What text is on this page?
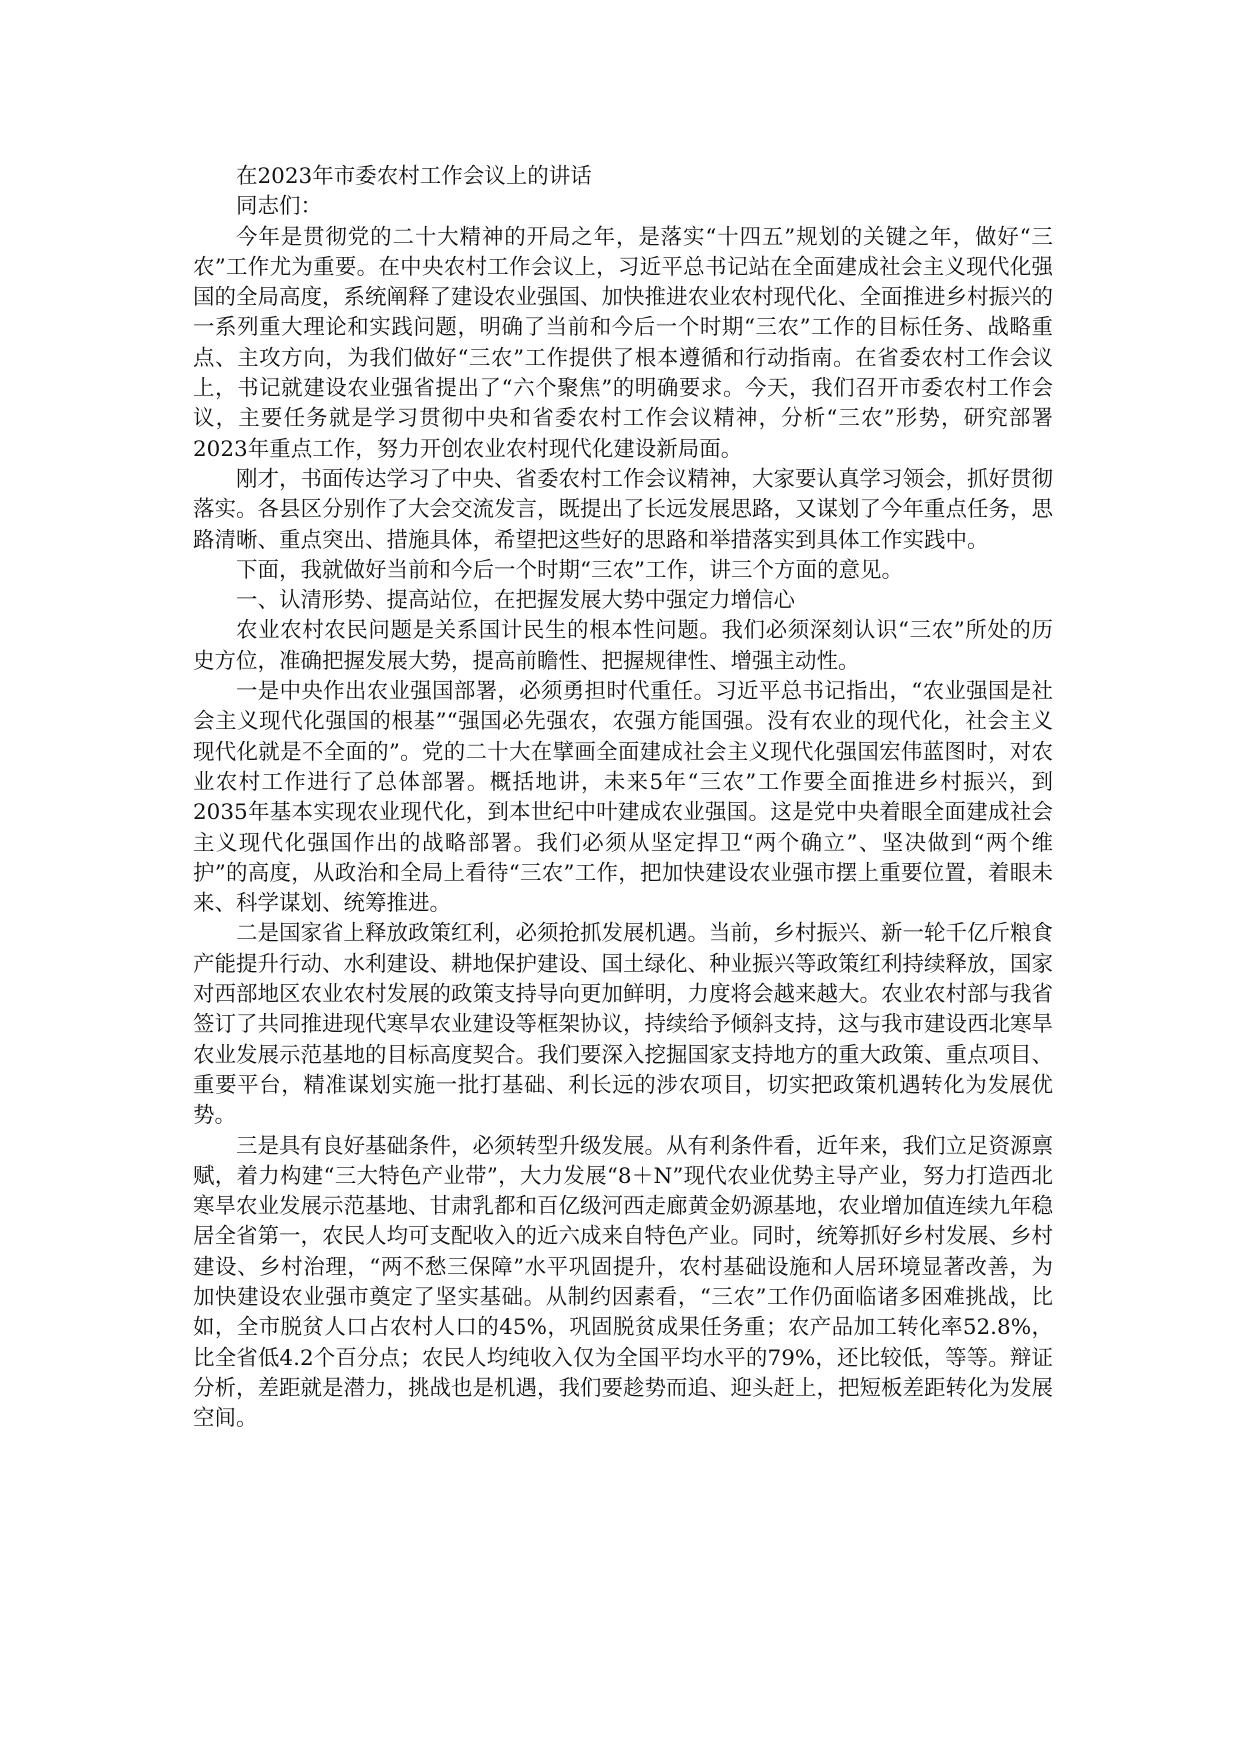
在2023年市委农村工作会议上的讲话

同志们：

今年是贯彻党的二十大精神的开局之年，是落实“十四五”规划的关键之年，做好“三农”工作尤为重要。在中央农村工作会议上，习近平总书记站在全面建成社会主义现代化强国的全局高度，系统阐释了建设农业强国、加快推进农业农村现代化、全面推进乡村振兴的一系列重大理论和实践问题，明确了当前和今后一个时期“三农”工作的目标任务、战略重点、主攻方向，为我们做好“三农”工作提供了根本遵循和行动指南。在省委农村工作会议上，书记就建设农业强省提出了“六个聚焦”的明确要求。今天，我们召开市委农村工作会议，主要任务就是学习贯彻中央和省委农村工作会议精神，分析“三农”形势，研究部署2023年重点工作，努力开创农业农村现代化建设新局面。

刚才，书面传达学习了中央、省委农村工作会议精神，大家要认真学习领会，抓好贯彻落实。各县区分别作了大会交流发言，既提出了长远发展思路，又谋划了今年重点任务，思路清晰、重点突出、措施具体，希望把这些好的思路和举措落实到具体工作实践中。

下面，我就做好当前和今后一个时期“三农”工作，讲三个方面的意见。

一、认清形势、提高站位，在把握发展大势中强定力增信心

农业农村农民问题是关系国计民生的根本性问题。我们必须深刻认识“三农”所处的历史方位，准确把握发展大势，提高前瞻性、把握规律性、增强主动性。

一是中央作出农业强国部署，必须勇担时代重任。习近平总书记指出，“农业强国是社会主义现代化强国的根基”“强国必先强农，农强方能国强。没有农业的现代化，社会主义现代化就是不全面的”。党的二十大在擘画全面建成社会主义现代化强国宏伟蓝图时，对农业农村工作进行了总体部署。概括地讲，未来5年“三农”工作要全面推进乡村振兴，到2035年基本实现农业现代化，到本世纪中叶建成农业强国。这是党中央着眼全面建成社会主义现代化强国作出的战略部署。我们必须从坚定捍卫“两个确立”、坚决做到“两个维护”的高度，从政治和全局上看待“三农”工作，把加快建设农业强市摆上重要位置，着眼未来、科学谋划、统筹推进。

二是国家省上释放政策红利，必须抢抓发展机遇。当前，乡村振兴、新一轮千亿斤粮食产能提升行动、水利建设、耕地保护建设、国土绿化、种业振兴等政策红利持续释放，国家对西部地区农业农村发展的政策支持导向更加鲜明，力度将会越来越大。农业农村部与我省签订了共同推进现代寒旱农业建设等框架协议，持续给予倾斜支持，这与我市建设西北寒旱农业发展示范基地的目标高度契合。我们要深入挖掘国家支持地方的重大政策、重点项目、重要平台，精准谋划实施一批打基础、利长远的涉农项目，切实把政策机遇转化为发展优势。

三是具有良好基础条件，必须转型升级发展。从有利条件看，近年来，我们立足资源禀赋，着力构建“三大特色产业带”，大力发展“8＋N”现代农业优势主导产业，努力打造西北寒旱农业发展示范基地、甘肃乳都和百亿级河西走廊黄金奶源基地，农业增加值连续九年稳居全省第一，农民人均可支配收入的近六成来自特色产业。同时，统筹抓好乡村发展、乡村建设、乡村治理，“两不愁三保障”水平巩固提升，农村基础设施和人居环境显著改善，为加快建设农业强市奠定了坚实基础。从制约因素看，“三农”工作仍面临诸多困难挑战，比如，全市脱贫人口占农村人口的45%，巩固脱贫成果任务重；农产品加工转化率52.8%，比全省低4.2个百分点；农民人均纯收入仅为全国平均水平的79%，还比较低，等等。辩证分析，差距就是潜力，挑战也是机遇，我们要趁势而追、迎头赶上，把短板差距转化为发展空间。
